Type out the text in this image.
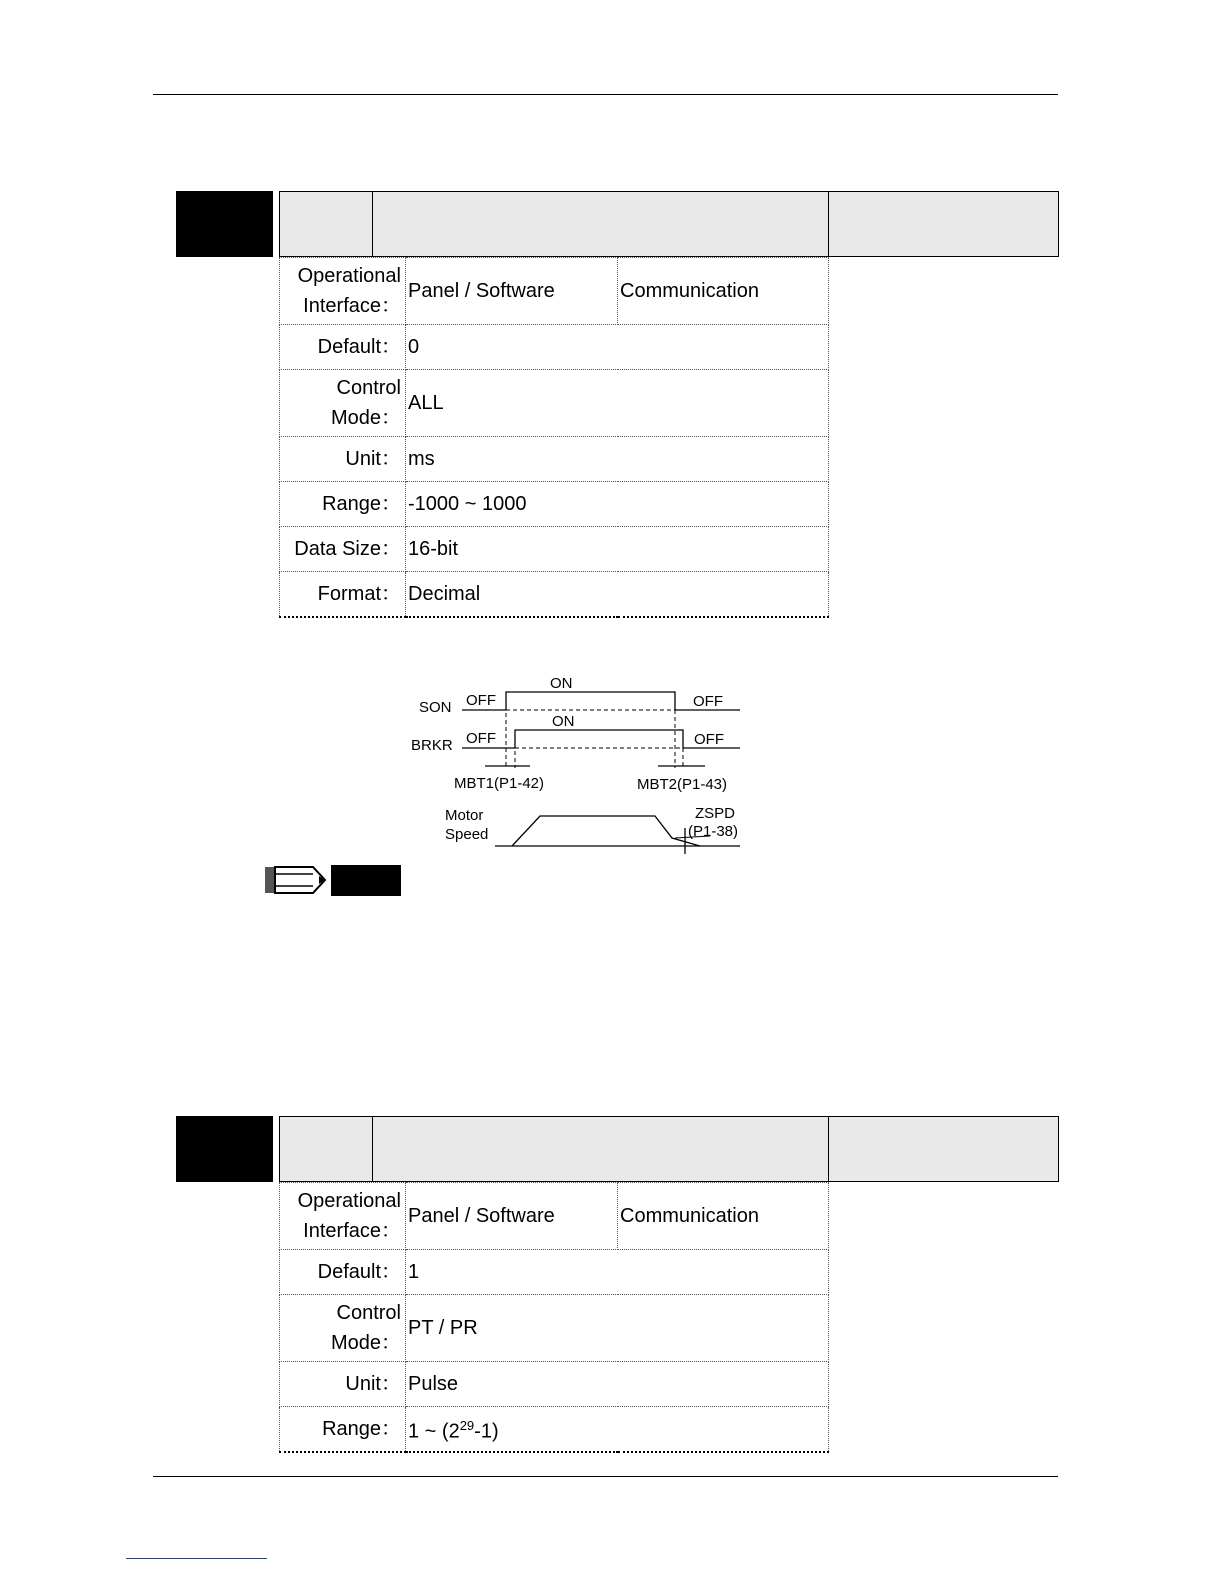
Operational
Interface：	Panel / Software	Communication
Default：	0	

Control
Mode：	ALL	
Unit：	ms	
Range：	-1000 ~ 1000	
Data Size：	16-bit	
Format：	Decimal	
SON
BRKR
ON
ON
OFF	OFF
OFF	OFF
MBT1(P1-42)	MBT2(P1-43)
Motor
Speed
ZSPD
(P1-38)
Operational
Interface：	Panel / Software	Communication
Default：	1	

Control
Mode：	PT / PR	
Unit：	Pulse	
Range：	1 ~ $(2^{29}-1)$	
